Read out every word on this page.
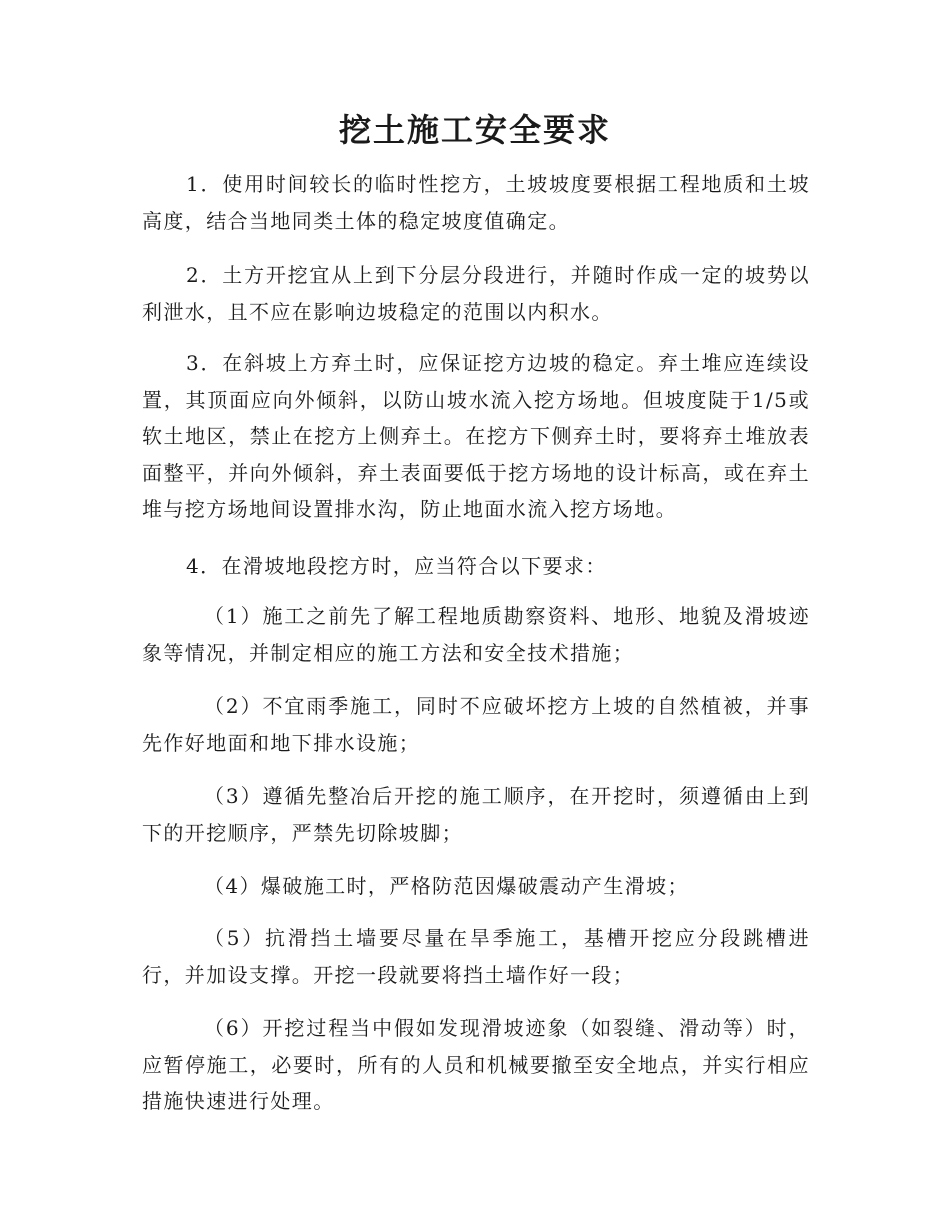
挖土施工安全要求

1．使用时间较长的临时性挖方，土坡坡度要根据工程地质和土坡高度，结合当地同类土体的稳定坡度值确定。

2．土方开挖宜从上到下分层分段进行，并随时作成一定的坡势以利泄水，且不应在影响边坡稳定的范围以内积水。

3．在斜坡上方弃土时，应保证挖方边坡的稳定。弃土堆应连续设置，其顶面应向外倾斜，以防山坡水流入挖方场地。但坡度陡于1/5或软土地区，禁止在挖方上侧弃土。在挖方下侧弃土时，要将弃土堆放表面整平，并向外倾斜，弃土表面要低于挖方场地的设计标高，或在弃土堆与挖方场地间设置排水沟，防止地面水流入挖方场地。

4．在滑坡地段挖方时，应当符合以下要求：

（1）施工之前先了解工程地质勘察资料、地形、地貌及滑坡迹象等情况，并制定相应的施工方法和安全技术措施；

（2）不宜雨季施工，同时不应破坏挖方上坡的自然植被，并事先作好地面和地下排水设施；

（3）遵循先整冶后开挖的施工顺序，在开挖时，须遵循由上到下的开挖顺序，严禁先切除坡脚；

（4）爆破施工时，严格防范因爆破震动产生滑坡；

（5）抗滑挡土墙要尽量在旱季施工，基槽开挖应分段跳槽进行，并加设支撑。开挖一段就要将挡土墙作好一段；

（6）开挖过程当中假如发现滑坡迹象（如裂缝、滑动等）时，应暂停施工，必要时，所有的人员和机械要撤至安全地点，并实行相应措施快速进行处理。
